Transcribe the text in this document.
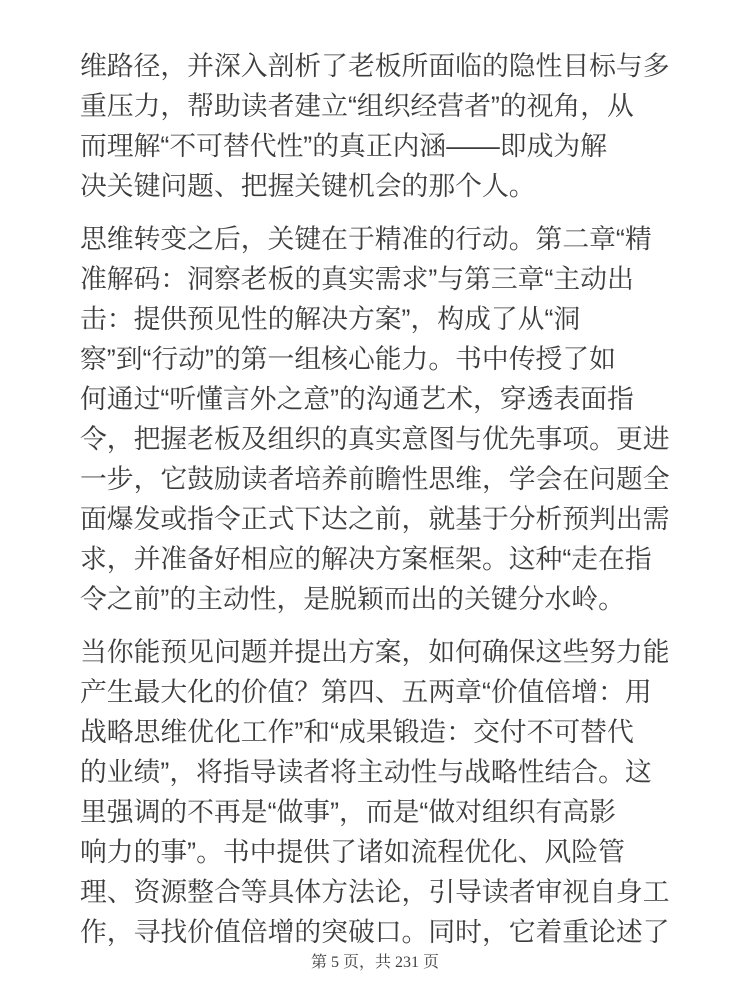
维路径，并深入剖析了老板所面临的隐性目标与多
重压力，帮助读者建立“组织经营者”的视角，从
而理解“不可替代性”的真正内涵——即成为解
决关键问题、把握关键机会的那个人。
思维转变之后，关键在于精准的行动。第二章“精
准解码：洞察老板的真实需求”与第三章“主动出
击：提供预见性的解决方案”，构成了从“洞
察”到“行动”的第一组核心能力。书中传授了如
何通过“听懂言外之意”的沟通艺术，穿透表面指
令，把握老板及组织的真实意图与优先事项。更进
一步，它鼓励读者培养前瞻性思维，学会在问题全
面爆发或指令正式下达之前，就基于分析预判出需
求，并准备好相应的解决方案框架。这种“走在指
令之前”的主动性，是脱颖而出的关键分水岭。
当你能预见问题并提出方案，如何确保这些努力能
产生最大化的价值？第四、五两章“价值倍增：用
战略思维优化工作”和“成果锻造：交付不可替代
的业绩”，将指导读者将主动性与战略性结合。这
里强调的不再是“做事”，而是“做对组织有高影
响力的事”。书中提供了诸如流程优化、风险管
理、资源整合等具体方法论，引导读者审视自身工
作，寻找价值倍增的突破口。同时，它着重论述了
第 5 页，共 231 页
